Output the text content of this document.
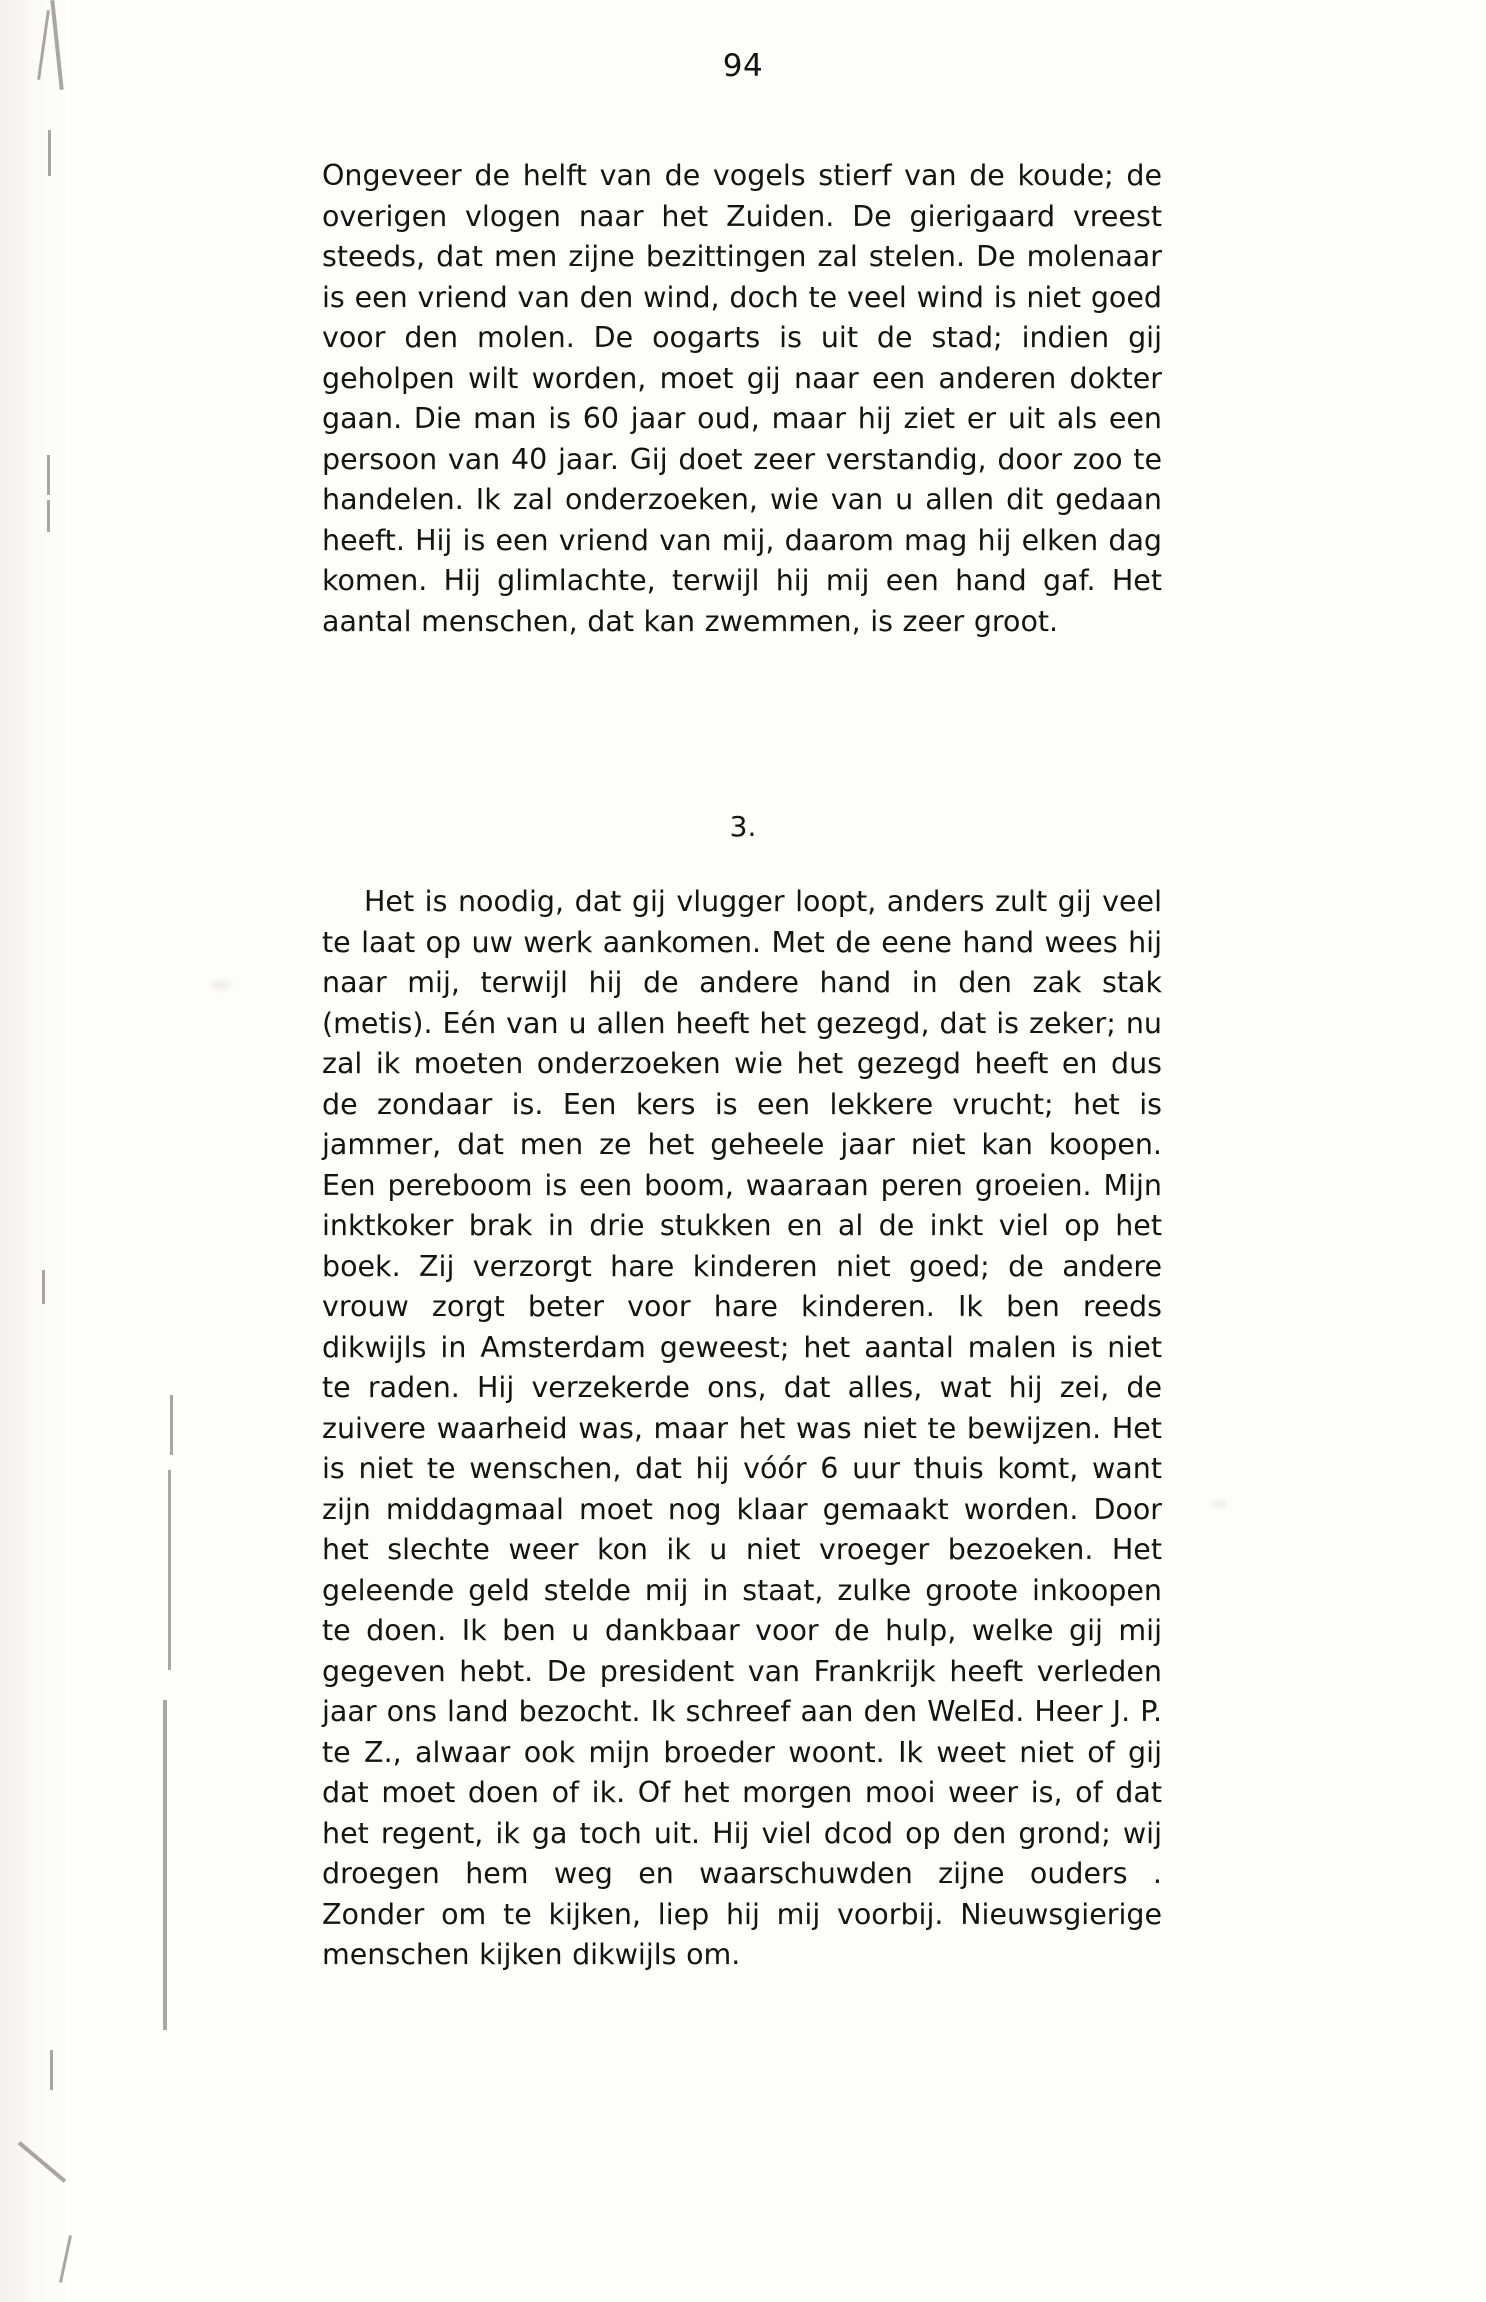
94

Ongeveer de helft van de vogels stierf van de koude; de overigen vlogen naar het Zuiden. De gierigaard vreest steeds, dat men zijne bezittingen zal stelen. De molenaar is een vriend van den wind, doch te veel wind is niet goed voor den molen. De oogarts is uit de stad; indien gij geholpen wilt worden, moet gij naar een anderen dokter gaan. Die man is 60 jaar oud, maar hij ziet er uit als een persoon van 40 jaar. Gij doet zeer verstandig, door zoo te handelen. Ik zal onderzoeken, wie van u allen dit gedaan heeft. Hij is een vriend van mij, daarom mag hij elken dag komen. Hij glimlachte, terwijl hij mij een hand gaf. Het aantal menschen, dat kan zwemmen, is zeer groot.

3.

Het is noodig, dat gij vlugger loopt, anders zult gij veel te laat op uw werk aankomen. Met de eene hand wees hij naar mij, terwijl hij de andere hand in den zak stak (metis). Eén van u allen heeft het gezegd, dat is zeker; nu zal ik moeten onderzoeken wie het gezegd heeft en dus de zondaar is. Een kers is een lekkere vrucht; het is jammer, dat men ze het geheele jaar niet kan koopen. Een pereboom is een boom, waaraan peren groeien. Mijn inktkoker brak in drie stukken en al de inkt viel op het boek. Zij verzorgt hare kinderen niet goed; de andere vrouw zorgt beter voor hare kinderen. Ik ben reeds dikwijls in Amsterdam geweest; het aantal malen is niet te raden. Hij verzekerde ons, dat alles, wat hij zei, de zuivere waarheid was, maar het was niet te bewijzen. Het is niet te wenschen, dat hij vóór 6 uur thuis komt, want zijn middagmaal moet nog klaar gemaakt worden. Door het slechte weer kon ik u niet vroeger bezoeken. Het geleende geld stelde mij in staat, zulke groote inkoopen te doen. Ik ben u dankbaar voor de hulp, welke gij mij gegeven hebt. De president van Frankrijk heeft verleden jaar ons land bezocht. Ik schreef aan den WelEd. Heer J. P. te Z., alwaar ook mijn broeder woont. Ik weet niet of gij dat moet doen of ik. Of het morgen mooi weer is, of dat het regent, ik ga toch uit. Hij viel dcod op den grond; wij droegen hem weg en waarschuwden zijne ouders . Zonder om te kijken, liep hij mij voorbij. Nieuwsgierige menschen kijken dikwijls om.
